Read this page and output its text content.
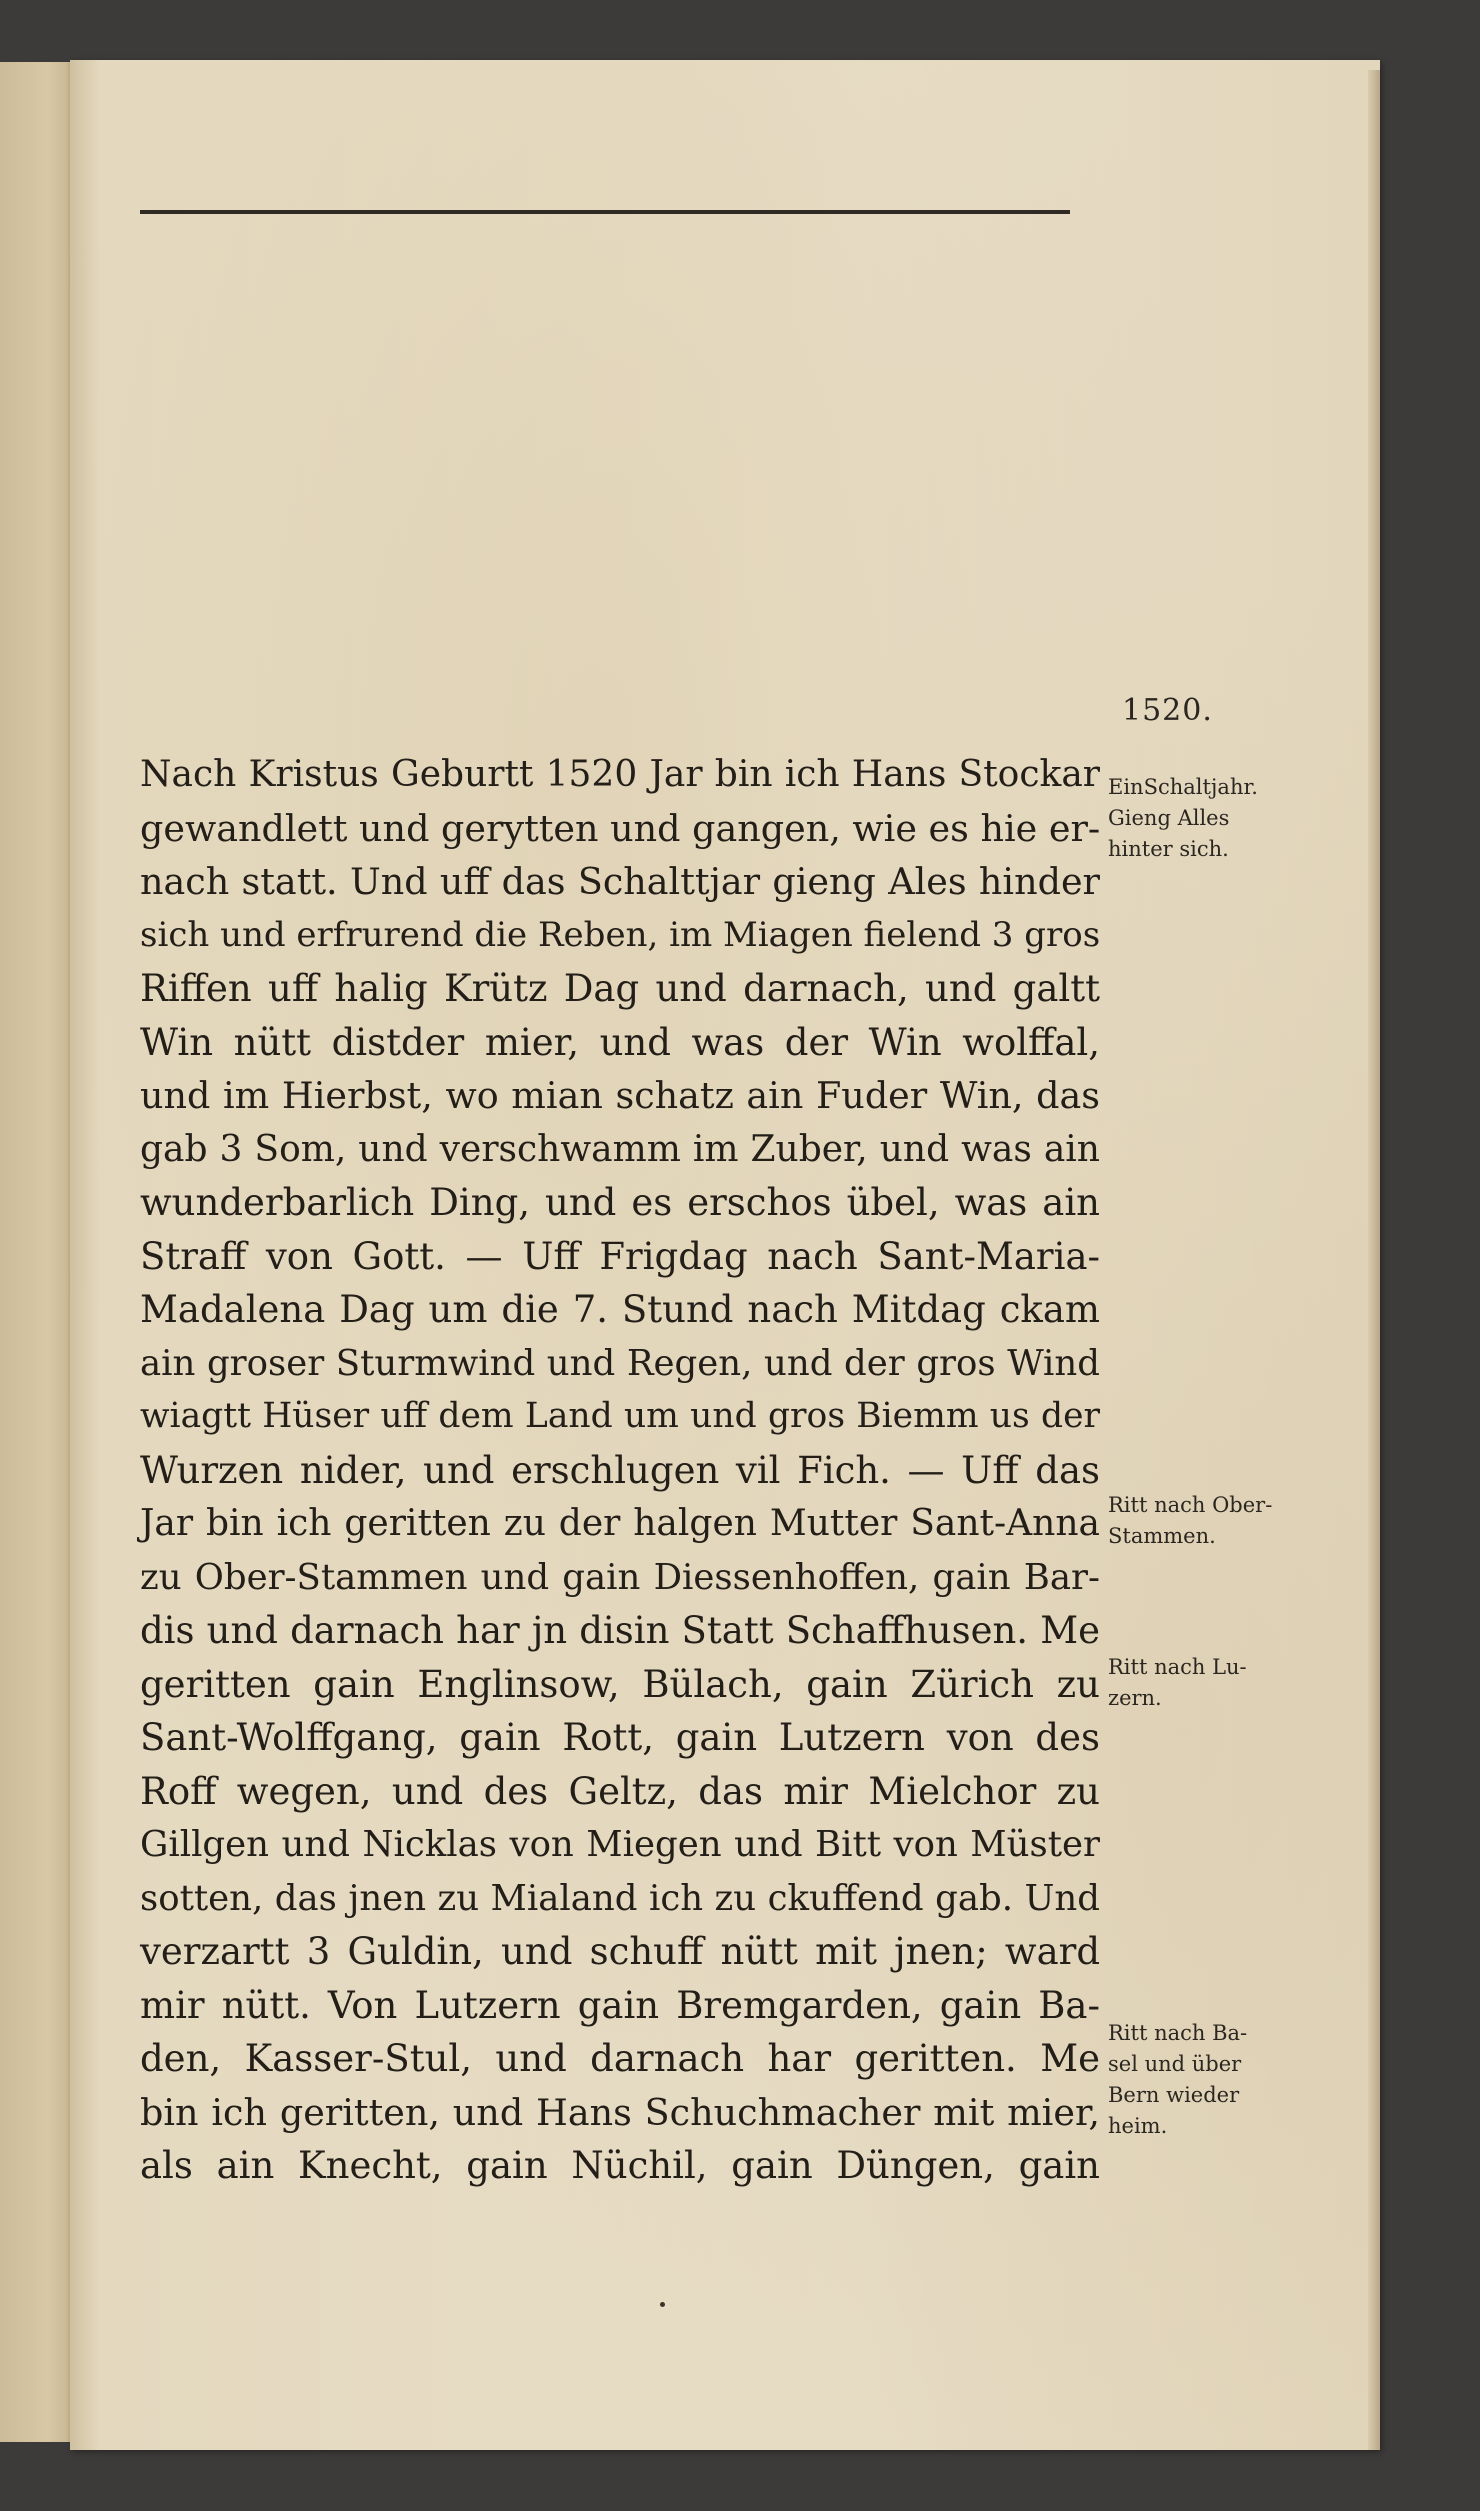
1520.
Nach Kristus Geburtt 1520 Jar bin ich Hans Stockar
gewandlett und gerytten und gangen, wie es hie er-
nach statt. Und uff das Schalttjar gieng Ales hinder
sich und erfrurend die Reben, im Miagen fielend 3 gros
Riffen uff halig Krütz Dag und darnach, und galtt
Win nütt distder mier, und was der Win wolffal,
und im Hierbst, wo mian schatz ain Fuder Win, das
gab 3 Som, und verschwamm im Zuber, und was ain
wunderbarlich Ding, und es erschos übel, was ain
Straff von Gott. — Uff Frigdag nach Sant-Maria-
Madalena Dag um die 7. Stund nach Mitdag ckam
ain groser Sturmwind und Regen, und der gros Wind
wiagtt Hüser uff dem Land um und gros Biemm us der
Wurzen nider, und erschlugen vil Fich. — Uff das
Jar bin ich geritten zu der halgen Mutter Sant-Anna
zu Ober-Stammen und gain Diessenhoffen, gain Bar-
dis und darnach har jn disin Statt Schaffhusen. Me
geritten gain Englinsow, Bülach, gain Zürich zu
Sant-Wolffgang, gain Rott, gain Lutzern von des
Roff wegen, und des Geltz, das mir Mielchor zu
Gillgen und Nicklas von Miegen und Bitt von Müster
sotten, das jnen zu Mialand ich zu ckuffend gab. Und
verzartt 3 Guldin, und schuff nütt mit jnen; ward
mir nütt. Von Lutzern gain Bremgarden, gain Ba-
den, Kasser-Stul, und darnach har geritten. Me
bin ich geritten, und Hans Schuchmacher mit mier,
als ain Knecht, gain Nüchil, gain Düngen, gain
EinSchaltjahr.
Gieng Alles
hinter sich.
Ritt nach Ober-
Stammen.
Ritt nach Lu-
zern.
Ritt nach Ba-
sel und über
Bern wieder
heim.
